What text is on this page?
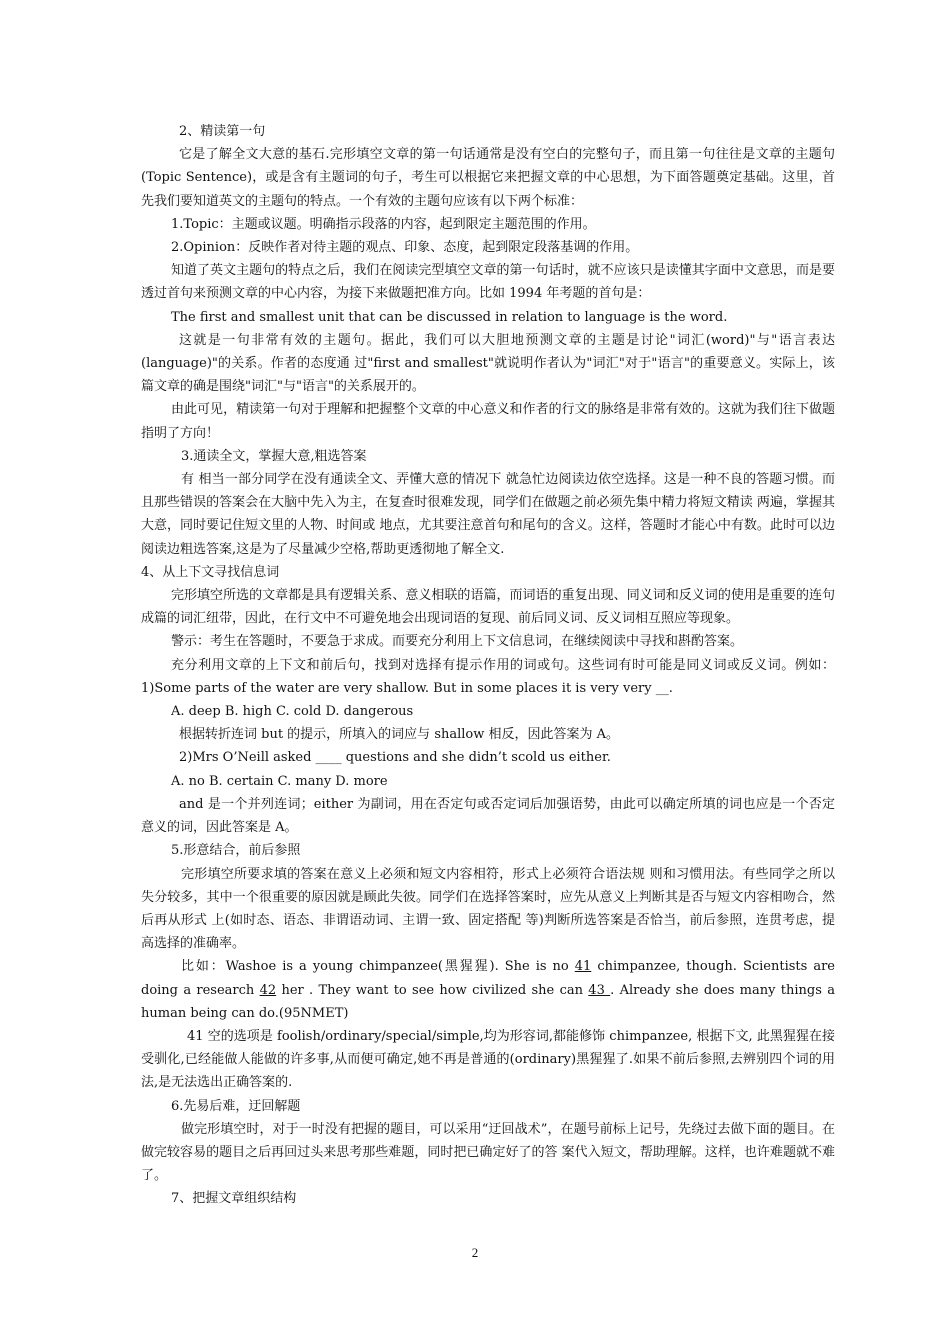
2、精读第一句

它是了解全文大意的基石.完形填空文章的第一句话通常是没有空白的完整句子，而且第一句往往是文章的主题句(Topic Sentence)，或是含有主题词的句子，考生可以根据它来把握文章的中心思想，为下面答题奠定基础。这里，首先我们要知道英文的主题句的特点。一个有效的主题句应该有以下两个标准：

1.Topic：主题或议题。明确指示段落的内容，起到限定主题范围的作用。

2.Opinion：反映作者对待主题的观点、印象、态度，起到限定段落基调的作用。

知道了英文主题句的特点之后，我们在阅读完型填空文章的第一句话时，就不应该只是读懂其字面中文意思，而是要透过首句来预测文章的中心内容，为接下来做题把准方向。比如 1994 年考题的首句是：

The first and smallest unit that can be discussed in relation to language is the word.

这就是一句非常有效的主题句。据此，我们可以大胆地预测文章的主题是讨论"词汇(word)"与"语言表达(language)"的关系。作者的态度通 过"first and smallest"就说明作者认为"词汇"对于"语言"的重要意义。实际上，该篇文章的确是围绕"词汇"与"语言"的关系展开的。

由此可见，精读第一句对于理解和把握整个文章的中心意义和作者的行文的脉络是非常有效的。这就为我们往下做题指明了方向！

3.通读全文，掌握大意,粗选答案

有 相当一部分同学在没有通读全文、弄懂大意的情况下 就急忙边阅读边依空选择。这是一种不良的答题习惯。而且那些错误的答案会在大脑中先入为主，在复查时很难发现，同学们在做题之前必须先集中精力将短文精读 两遍，掌握其大意，同时要记住短文里的人物、时间或 地点，尤其要注意首句和尾句的含义。这样，答题时才能心中有数。此时可以边阅读边粗选答案,这是为了尽量减少空格,帮助更透彻地了解全文.

4、从上下文寻找信息词

完形填空所选的文章都是具有逻辑关系、意义相联的语篇，而词语的重复出现、同义词和反义词的使用是重要的连句成篇的词汇纽带，因此，在行文中不可避免地会出现词语的复现、前后同义词、反义词相互照应等现象。

警示：考生在答题时，不要急于求成。而要充分利用上下文信息词，在继续阅读中寻找和斟酌答案。

充分利用文章的上下文和前后句，找到对选择有提示作用的词或句。这些词有时可能是同义词或反义词。例如：1)Some parts of the water are very shallow. But in some places it is very very __.

A. deep B. high C. cold D. dangerous

根据转折连词 but 的提示，所填入的词应与 shallow 相反，因此答案为 A。

2)Mrs O’Neill asked ____ questions and she didn’t scold us either.

A. no B. certain C. many D. more

and 是一个并列连词；either 为副词，用在否定句或否定词后加强语势，由此可以确定所填的词也应是一个否定意义的词，因此答案是 A。

5.形意结合，前后参照

完形填空所要求填的答案在意义上必须和短文内容相符，形式上必须符合语法规 则和习惯用法。有些同学之所以失分较多，其中一个很重要的原因就是顾此失彼。同学们在选择答案时，应先从意义上判断其是否与短文内容相吻合，然后再从形式 上(如时态、语态、非谓语动词、主谓一致、固定搭配 等)判断所选答案是否恰当，前后参照，连贯考虑，提高选择的准确率。

比如：Washoe is a young chimpanzee(黑猩猩). She is no 41 chimpanzee, though. Scientists are doing a research 42 her . They want to see how civilized she can 43 . Already she does many things a human being can do.(95NMET)

41 空的选项是 foolish/ordinary/special/simple,均为形容词,都能修饰 chimpanzee, 根据下文, 此黑猩猩在接受驯化,已经能做人能做的许多事,从而便可确定,她不再是普通的(ordinary)黑猩猩了.如果不前后参照,去辨别四个词的用法,是无法选出正确答案的.

6.先易后难，迂回解题

做完形填空时，对于一时没有把握的题目，可以采用“迂回战术”，在题号前标上记号，先绕过去做下面的题目。在做完较容易的题目之后再回过头来思考那些难题，同时把已确定好了的答 案代入短文，帮助理解。这样，也许难题就不难了。

7、把握文章组织结构

2
